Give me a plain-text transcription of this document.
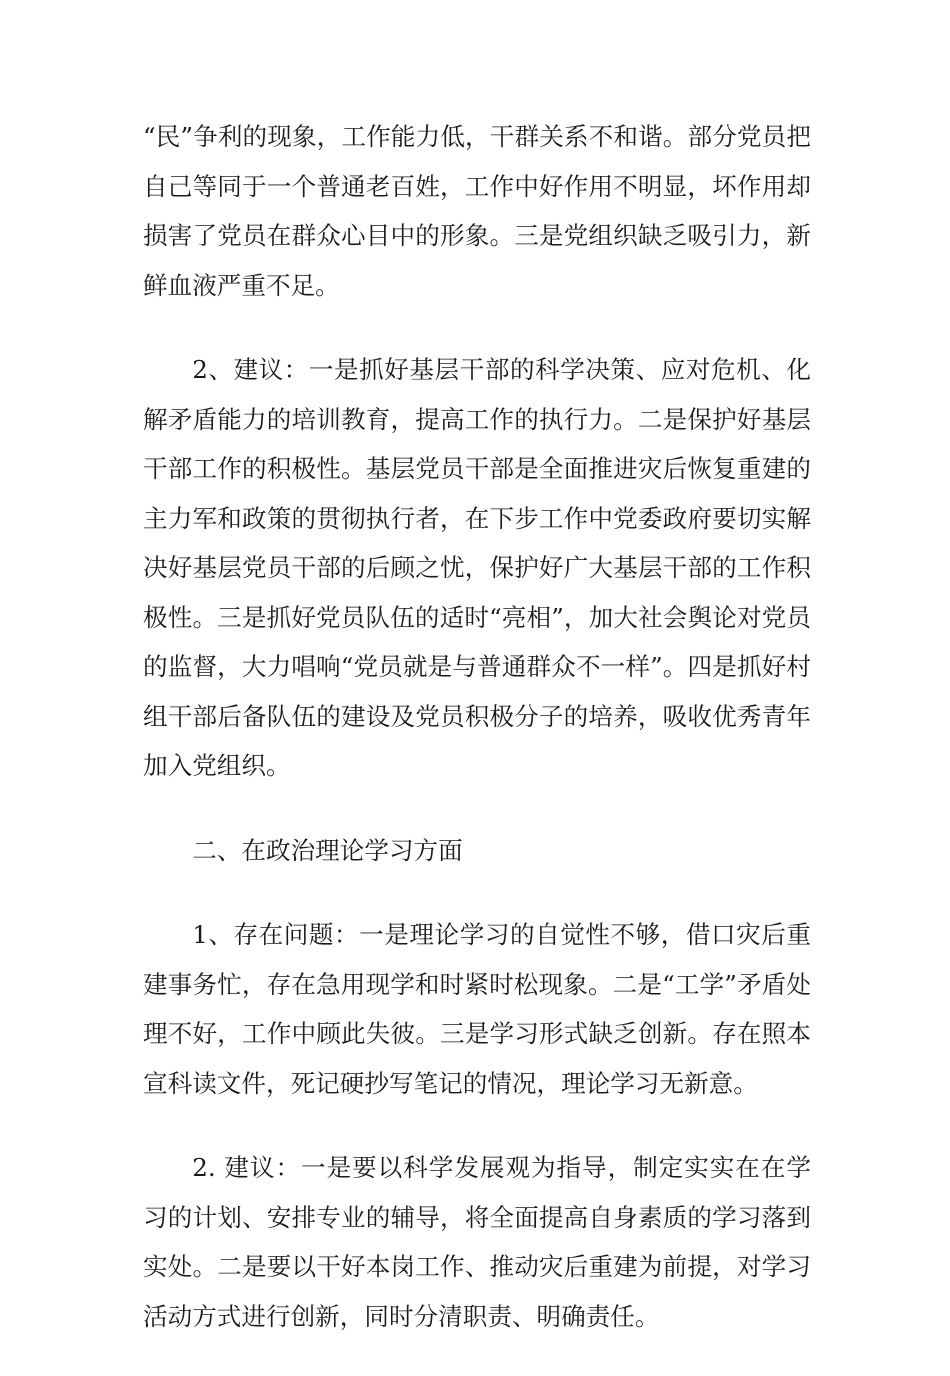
“民”争利的现象，工作能力低，干群关系不和谐。部分党员把自己等同于一个普通老百姓，工作中好作用不明显，坏作用却损害了党员在群众心目中的形象。三是党组织缺乏吸引力，新鲜血液严重不足。

2、建议：一是抓好基层干部的科学决策、应对危机、化解矛盾能力的培训教育，提高工作的执行力。二是保护好基层干部工作的积极性。基层党员干部是全面推进灾后恢复重建的主力军和政策的贯彻执行者，在下步工作中党委政府要切实解决好基层党员干部的后顾之忧，保护好广大基层干部的工作积极性。三是抓好党员队伍的适时“亮相”，加大社会舆论对党员的监督，大力唱响“党员就是与普通群众不一样”。四是抓好村组干部后备队伍的建设及党员积极分子的培养，吸收优秀青年加入党组织。

二、在政治理论学习方面

1、存在问题：一是理论学习的自觉性不够，借口灾后重建事务忙，存在急用现学和时紧时松现象。二是“工学”矛盾处理不好，工作中顾此失彼。三是学习形式缺乏创新。存在照本宣科读文件，死记硬抄写笔记的情况，理论学习无新意。

2. 建议：一是要以科学发展观为指导，制定实实在在学习的计划、安排专业的辅导，将全面提高自身素质的学习落到实处。二是要以干好本岗工作、推动灾后重建为前提，对学习活动方式进行创新，同时分清职责、明确责任。
